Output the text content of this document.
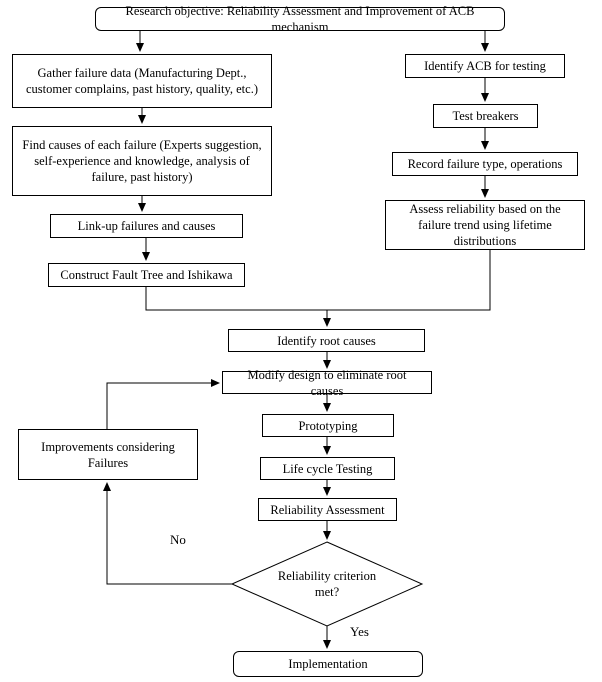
Research objective: Reliability Assessment and Improvement of ACB mechanism
Gather failure data (Manufacturing Dept., customer complains, past history, quality, etc.)
Find causes of each failure (Experts suggestion, self-experience and knowledge, analysis of failure, past history)
Link-up failures and causes
Construct Fault Tree and Ishikawa
Identify ACB for testing
Test breakers
Record failure type, operations
Assess reliability based on the failure trend using lifetime distributions
Identify root causes
Modify design to eliminate root causes
Prototyping
Life cycle Testing
Reliability Assessment
Improvements considering Failures
Reliability criterion met?
Implementation
No
Yes
